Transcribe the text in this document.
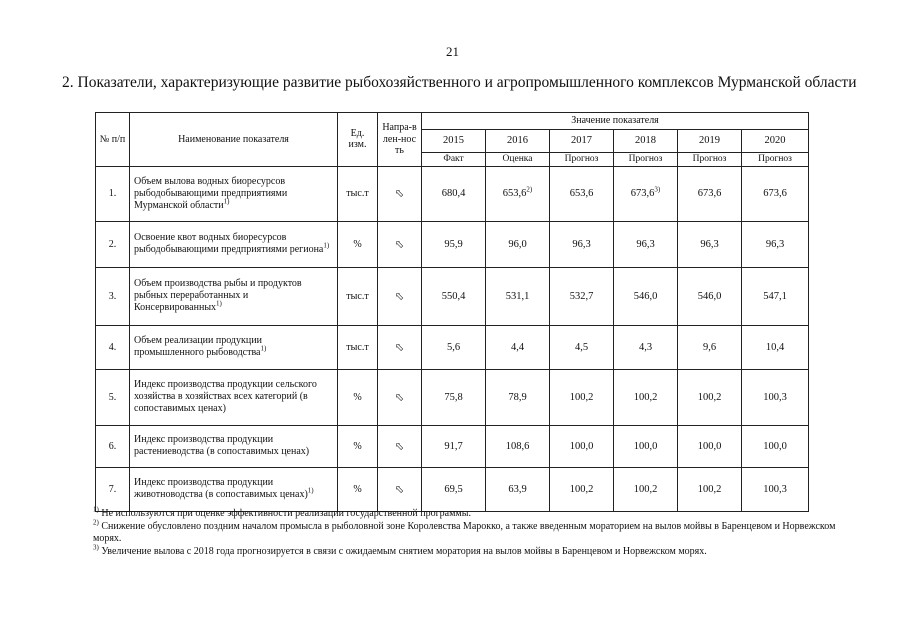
21
2. Показатели, характеризующие развитие рыбохозяйственного и агропромышленного комплексов Мурманской области
№ п/п	Наименование показателя	Ед. изм.	Напра-влен-ность	Значение показателя					
				2015	2016	2017	2018	2019	2020
				Факт	Оценка	Прогноз	Прогноз	Прогноз	Прогноз
1.	Объем вылова водных биоресурсов рыбодобывающими предприятиями Мурманской области$^{1)}$	тыс.т	⇧	680,4	653,6$^{2)}$	653,6	673,6$^{3)}$	673,6	673,6
2.	Освоение квот водных биоресурсов рыбодобывающими предприятиями региона$^{1)}$	%	⇧	95,9	96,0	96,3	96,3	96,3	96,3
3.	Объем производства рыбы и продуктов рыбных переработанных и Консервированных$^{1)}$	тыс.т	⇧	550,4	531,1	532,7	546,0	546,0	547,1
4.	Объем реализации продукции промышленного рыбоводства$^{1)}$	тыс.т	⇧	5,6	4,4	4,5	4,3	9,6	10,4
5.	Индекс производства продукции сельского хозяйства в хозяйствах всех категорий (в сопоставимых ценах)	%	⇧	75,8	78,9	100,2	100,2	100,2	100,3
6.	Индекс производства продукции растениеводства (в сопоставимых ценах)	%	⇧	91,7	108,6	100,0	100,0	100,0	100,0
7.	Индекс производства продукции животноводства (в сопоставимых ценах)$^{1)}$	%	⇧	69,5	63,9	100,2	100,2	100,2	100,3
$^{1)}$ Не используются при оценке эффективности реализации государственной программы.
$^{2)}$ Снижение обусловлено поздним началом промысла в рыболовной зоне Королевства Марокко, а также введенным мораторием на вылов мойвы в Баренцевом и Норвежском морях.
$^{3)}$ Увеличение вылова с 2018 года прогнозируется в связи с ожидаемым снятием моратория на вылов мойвы в Баренцевом и Норвежском морях.
